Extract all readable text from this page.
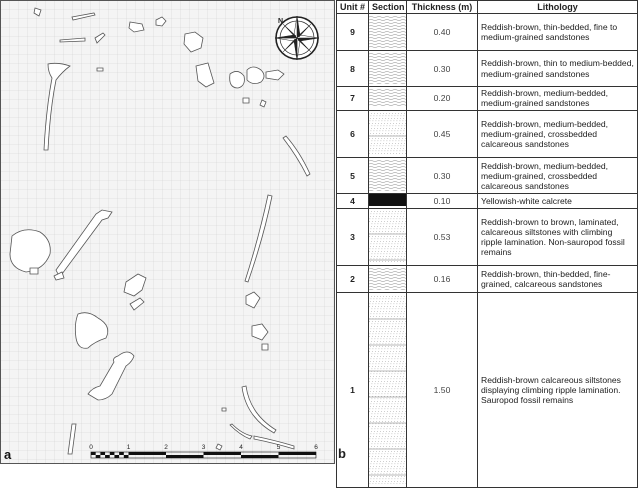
N
0	1	2	3	4	5	6
a
Unit #	Section	Thickness (m)	Lithology
9		0.40	Reddish-brown, thin-bedded, fine to medium-grained sandstones
8		0.30	Reddish-brown, thin to medium-bedded, medium-grained sandstones
7		0.20	Reddish-brown, medium-bedded, medium-grained sandstones
6		0.45	Reddish-brown, medium-bedded, medium-grained, crossbedded calcareous sandstones
5		0.30	Reddish-brown, medium-bedded, medium-grained, crossbedded calcareous sandstones
4		0.10	Yellowish-white calcrete
3		0.53	Reddish-brown to brown, laminated, calcareous siltstones with climbing ripple lamination. Non-sauropod fossil remains
2		0.16	Reddish-brown, thin-bedded, fine-grained, calcareous sandstones
1		1.50	Reddish-brown calcareous siltstones displaying climbing ripple lamination. Sauropod fossil remains
b
